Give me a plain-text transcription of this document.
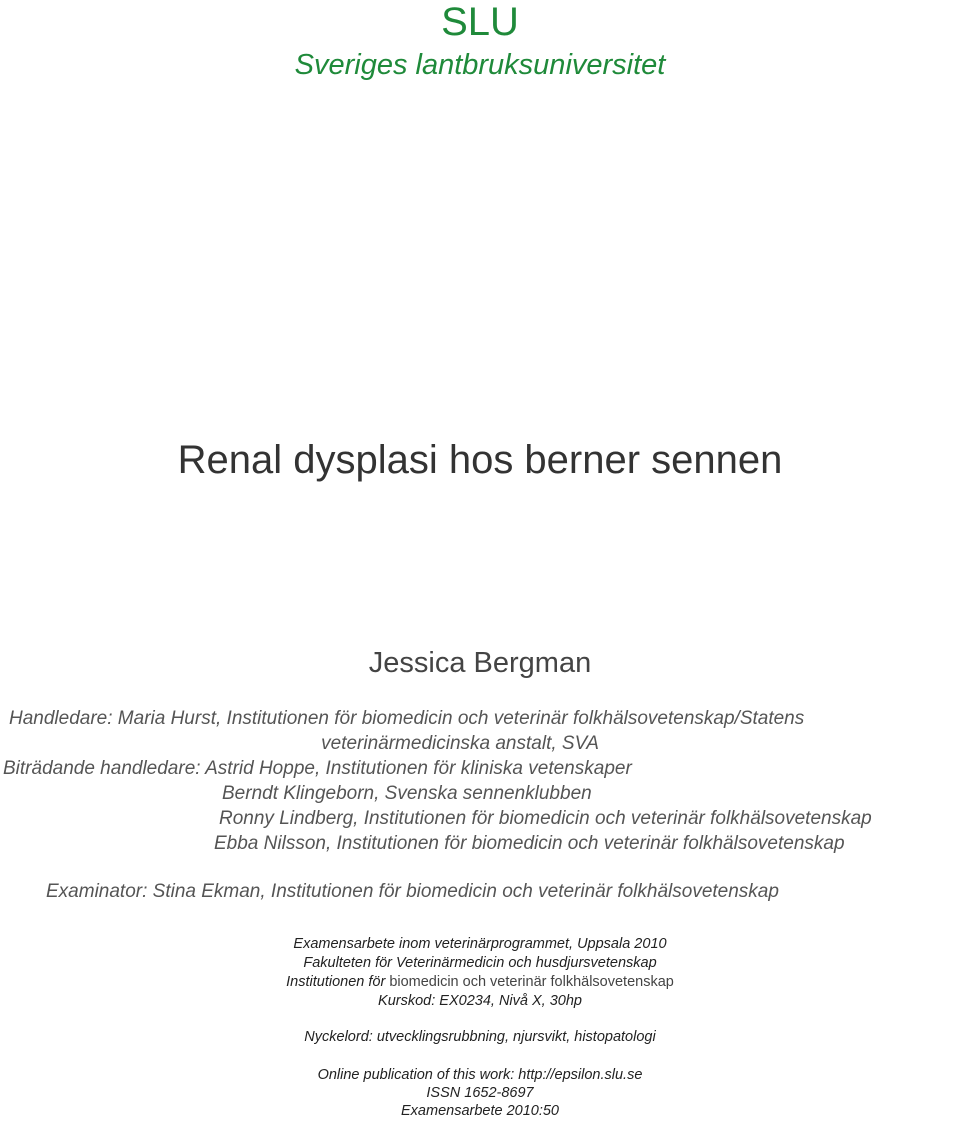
SLU
Sveriges lantbruksuniversitet
Renal dysplasi hos berner sennen
Jessica Bergman
Handledare: Maria Hurst, Institutionen för biomedicin och veterinär folkhälsovetenskap/Statens
veterinärmedicinska anstalt, SVA
Biträdande handledare: Astrid Hoppe, Institutionen för kliniska vetenskaper
Berndt Klingeborn, Svenska sennenklubben
Ronny Lindberg, Institutionen för biomedicin och veterinär folkhälsovetenskap
Ebba Nilsson, Institutionen för biomedicin och veterinär folkhälsovetenskap
Examinator: Stina Ekman, Institutionen för biomedicin och veterinär folkhälsovetenskap
Examensarbete inom veterinärprogrammet, Uppsala 2010
Fakulteten för Veterinärmedicin och husdjursvetenskap
Institutionen för biomedicin och veterinär folkhälsovetenskap
Kurskod: EX0234, Nivå X, 30hp
Nyckelord: utvecklingsrubbning, njursvikt, histopatologi
Online publication of this work: http://epsilon.slu.se
ISSN 1652-8697
Examensarbete 2010:50
